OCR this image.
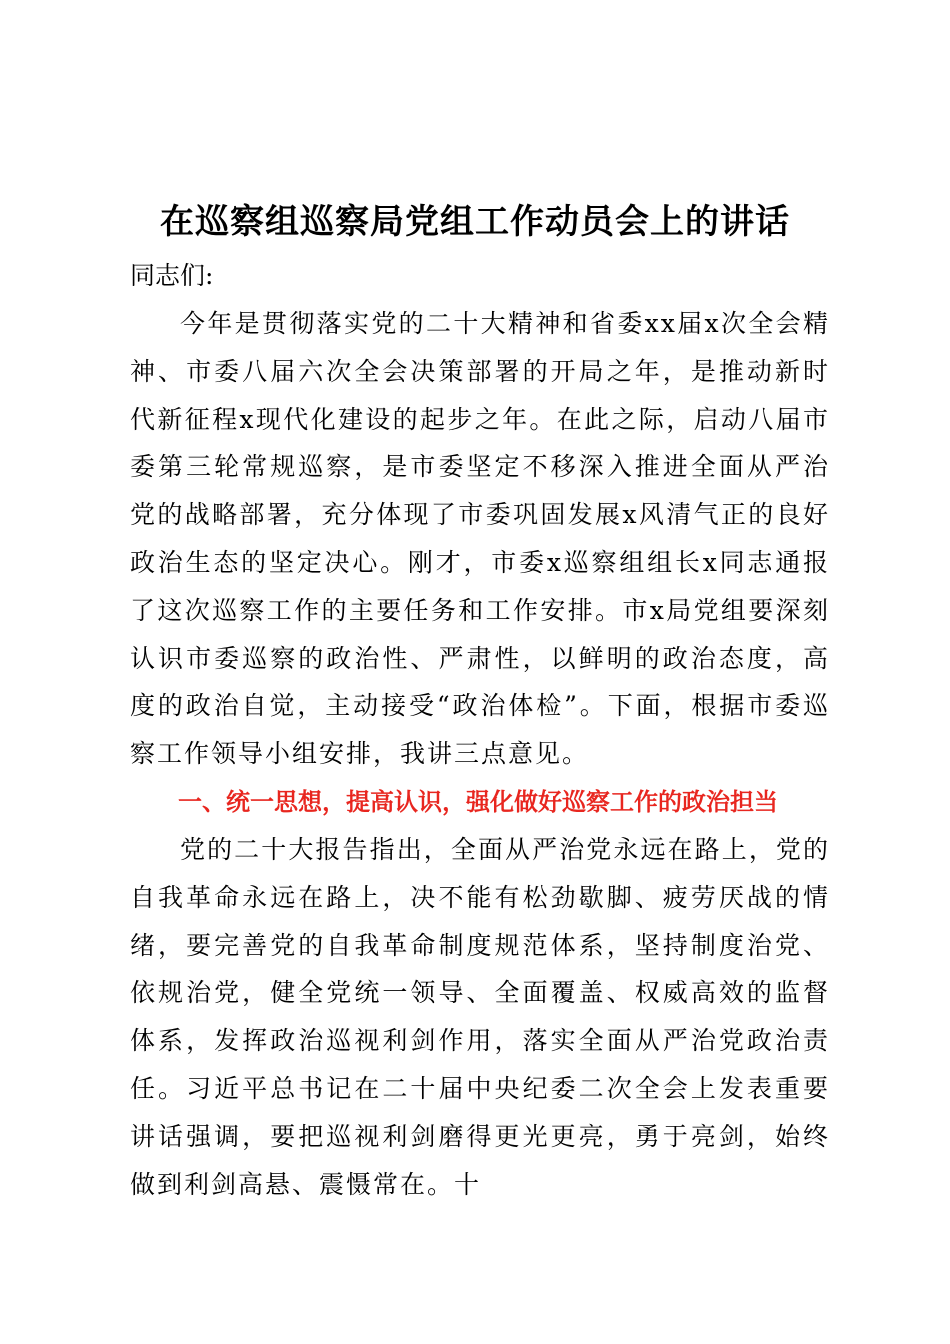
在巡察组巡察局党组工作动员会上的讲话

同志们:

今年是贯彻落实党的二十大精神和省委xx届x次全会精神、市委八届六次全会决策部署的开局之年，是推动新时代新征程x现代化建设的起步之年。在此之际，启动八届市委第三轮常规巡察，是市委坚定不移深入推进全面从严治党的战略部署，充分体现了市委巩固发展x风清气正的良好政治生态的坚定决心。刚才，市委x巡察组组长x同志通报了这次巡察工作的主要任务和工作安排。市x局党组要深刻认识市委巡察的政治性、严肃性，以鲜明的政治态度，高度的政治自觉，主动接受“政治体检”。下面，根据市委巡察工作领导小组安排，我讲三点意见。

一、统一思想，提高认识，强化做好巡察工作的政治担当

党的二十大报告指出，全面从严治党永远在路上，党的自我革命永远在路上，决不能有松劲歇脚、疲劳厌战的情绪，要完善党的自我革命制度规范体系，坚持制度治党、依规治党，健全党统一领导、全面覆盖、权威高效的监督体系，发挥政治巡视利剑作用，落实全面从严治党政治责任。习近平总书记在二十届中央纪委二次全会上发表重要讲话强调，要把巡视利剑磨得更光更亮，勇于亮剑，始终做到利剑高悬、震慑常在。十
